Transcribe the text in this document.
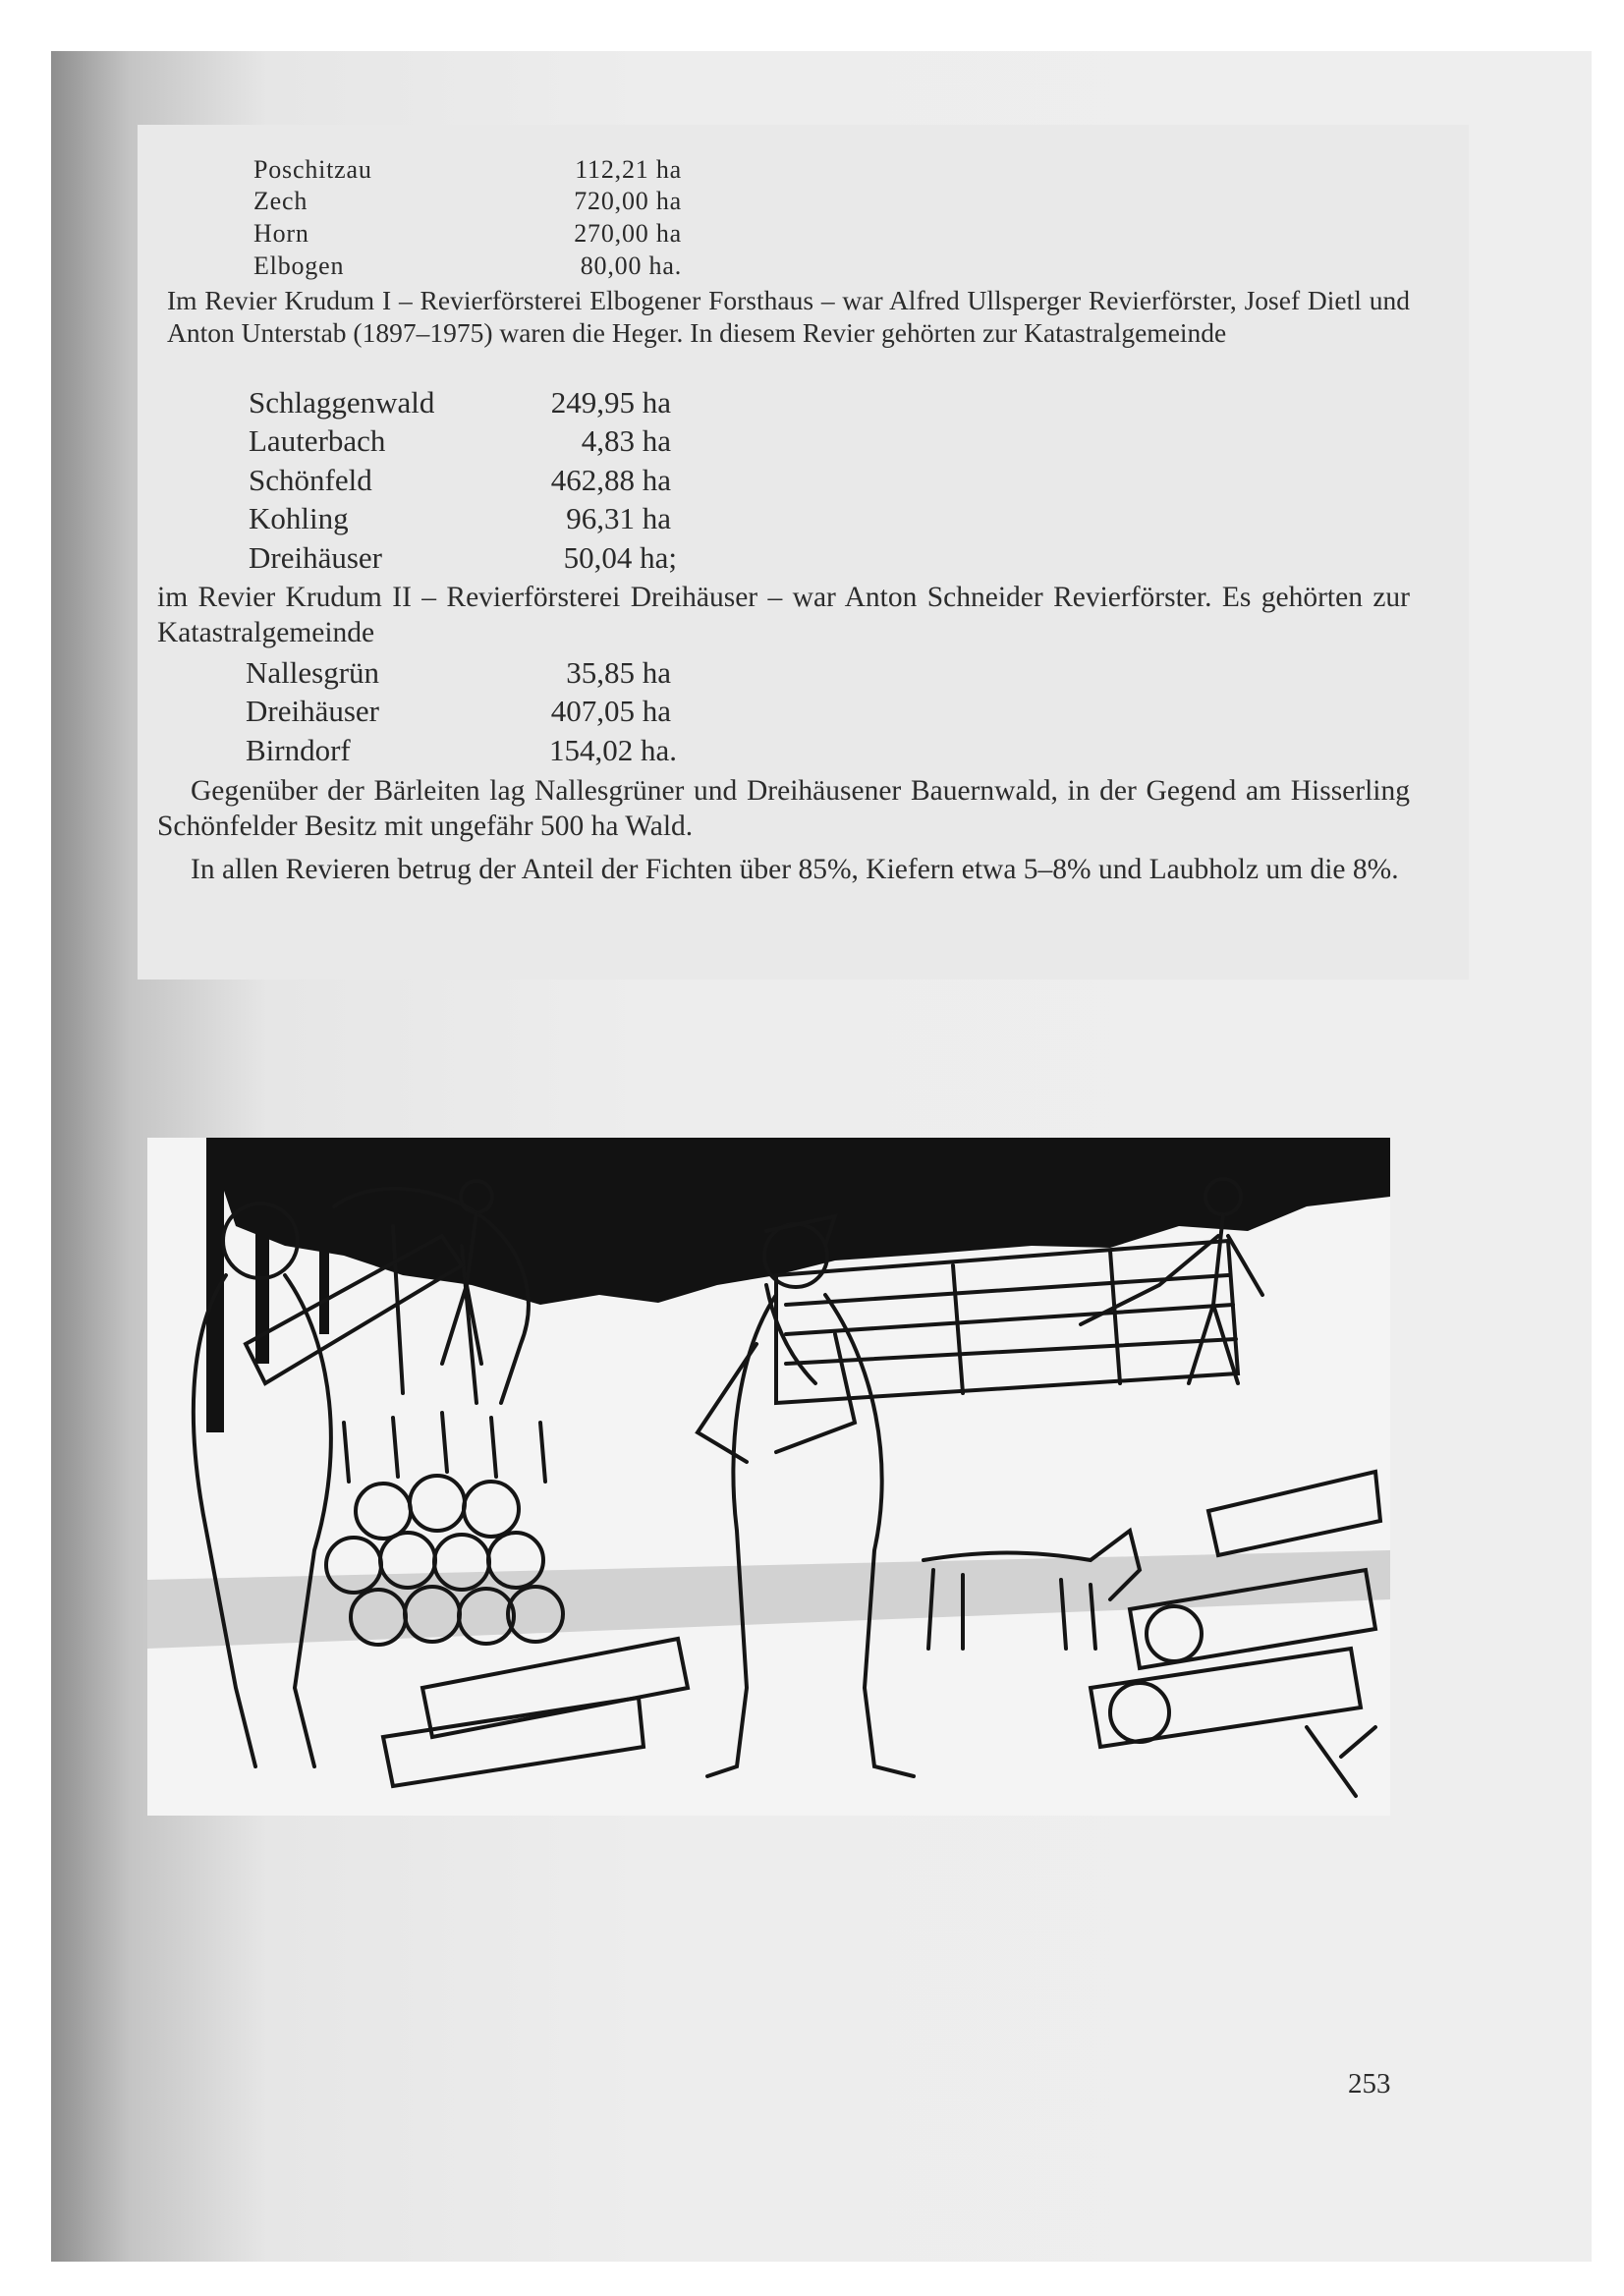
Poschitzau	112,21 ha
Zech	720,00 ha
Horn	270,00 ha
Elbogen	80,00 ha.
Im Revier Krudum I – Revierförsterei Elbogener Forsthaus – war Alfred Ullsperger Revierförster, Josef Dietl und Anton Unterstab (1897–1975) waren die Heger. In diesem Revier gehörten zur Katastralgemeinde
Schlaggenwald	249,95 ha
Lauterbach	4,83 ha
Schönfeld	462,88 ha
Kohling	96,31 ha
Dreihäuser	50,04 ha;
im Revier Krudum II – Revierförsterei Dreihäuser – war Anton Schneider Revierförster. Es gehörten zur Katastralgemeinde
Nallesgrün	35,85 ha
Dreihäuser	407,05 ha
Birndorf	154,02 ha.
Gegenüber der Bärleiten lag Nallesgrüner und Dreihäusener Bauernwald, in der Gegend am Hisserling Schönfelder Besitz mit ungefähr 500 ha Wald.
In allen Revieren betrug der Anteil der Fichten über 85%, Kiefern etwa 5–8% und Laubholz um die 8%.
253
